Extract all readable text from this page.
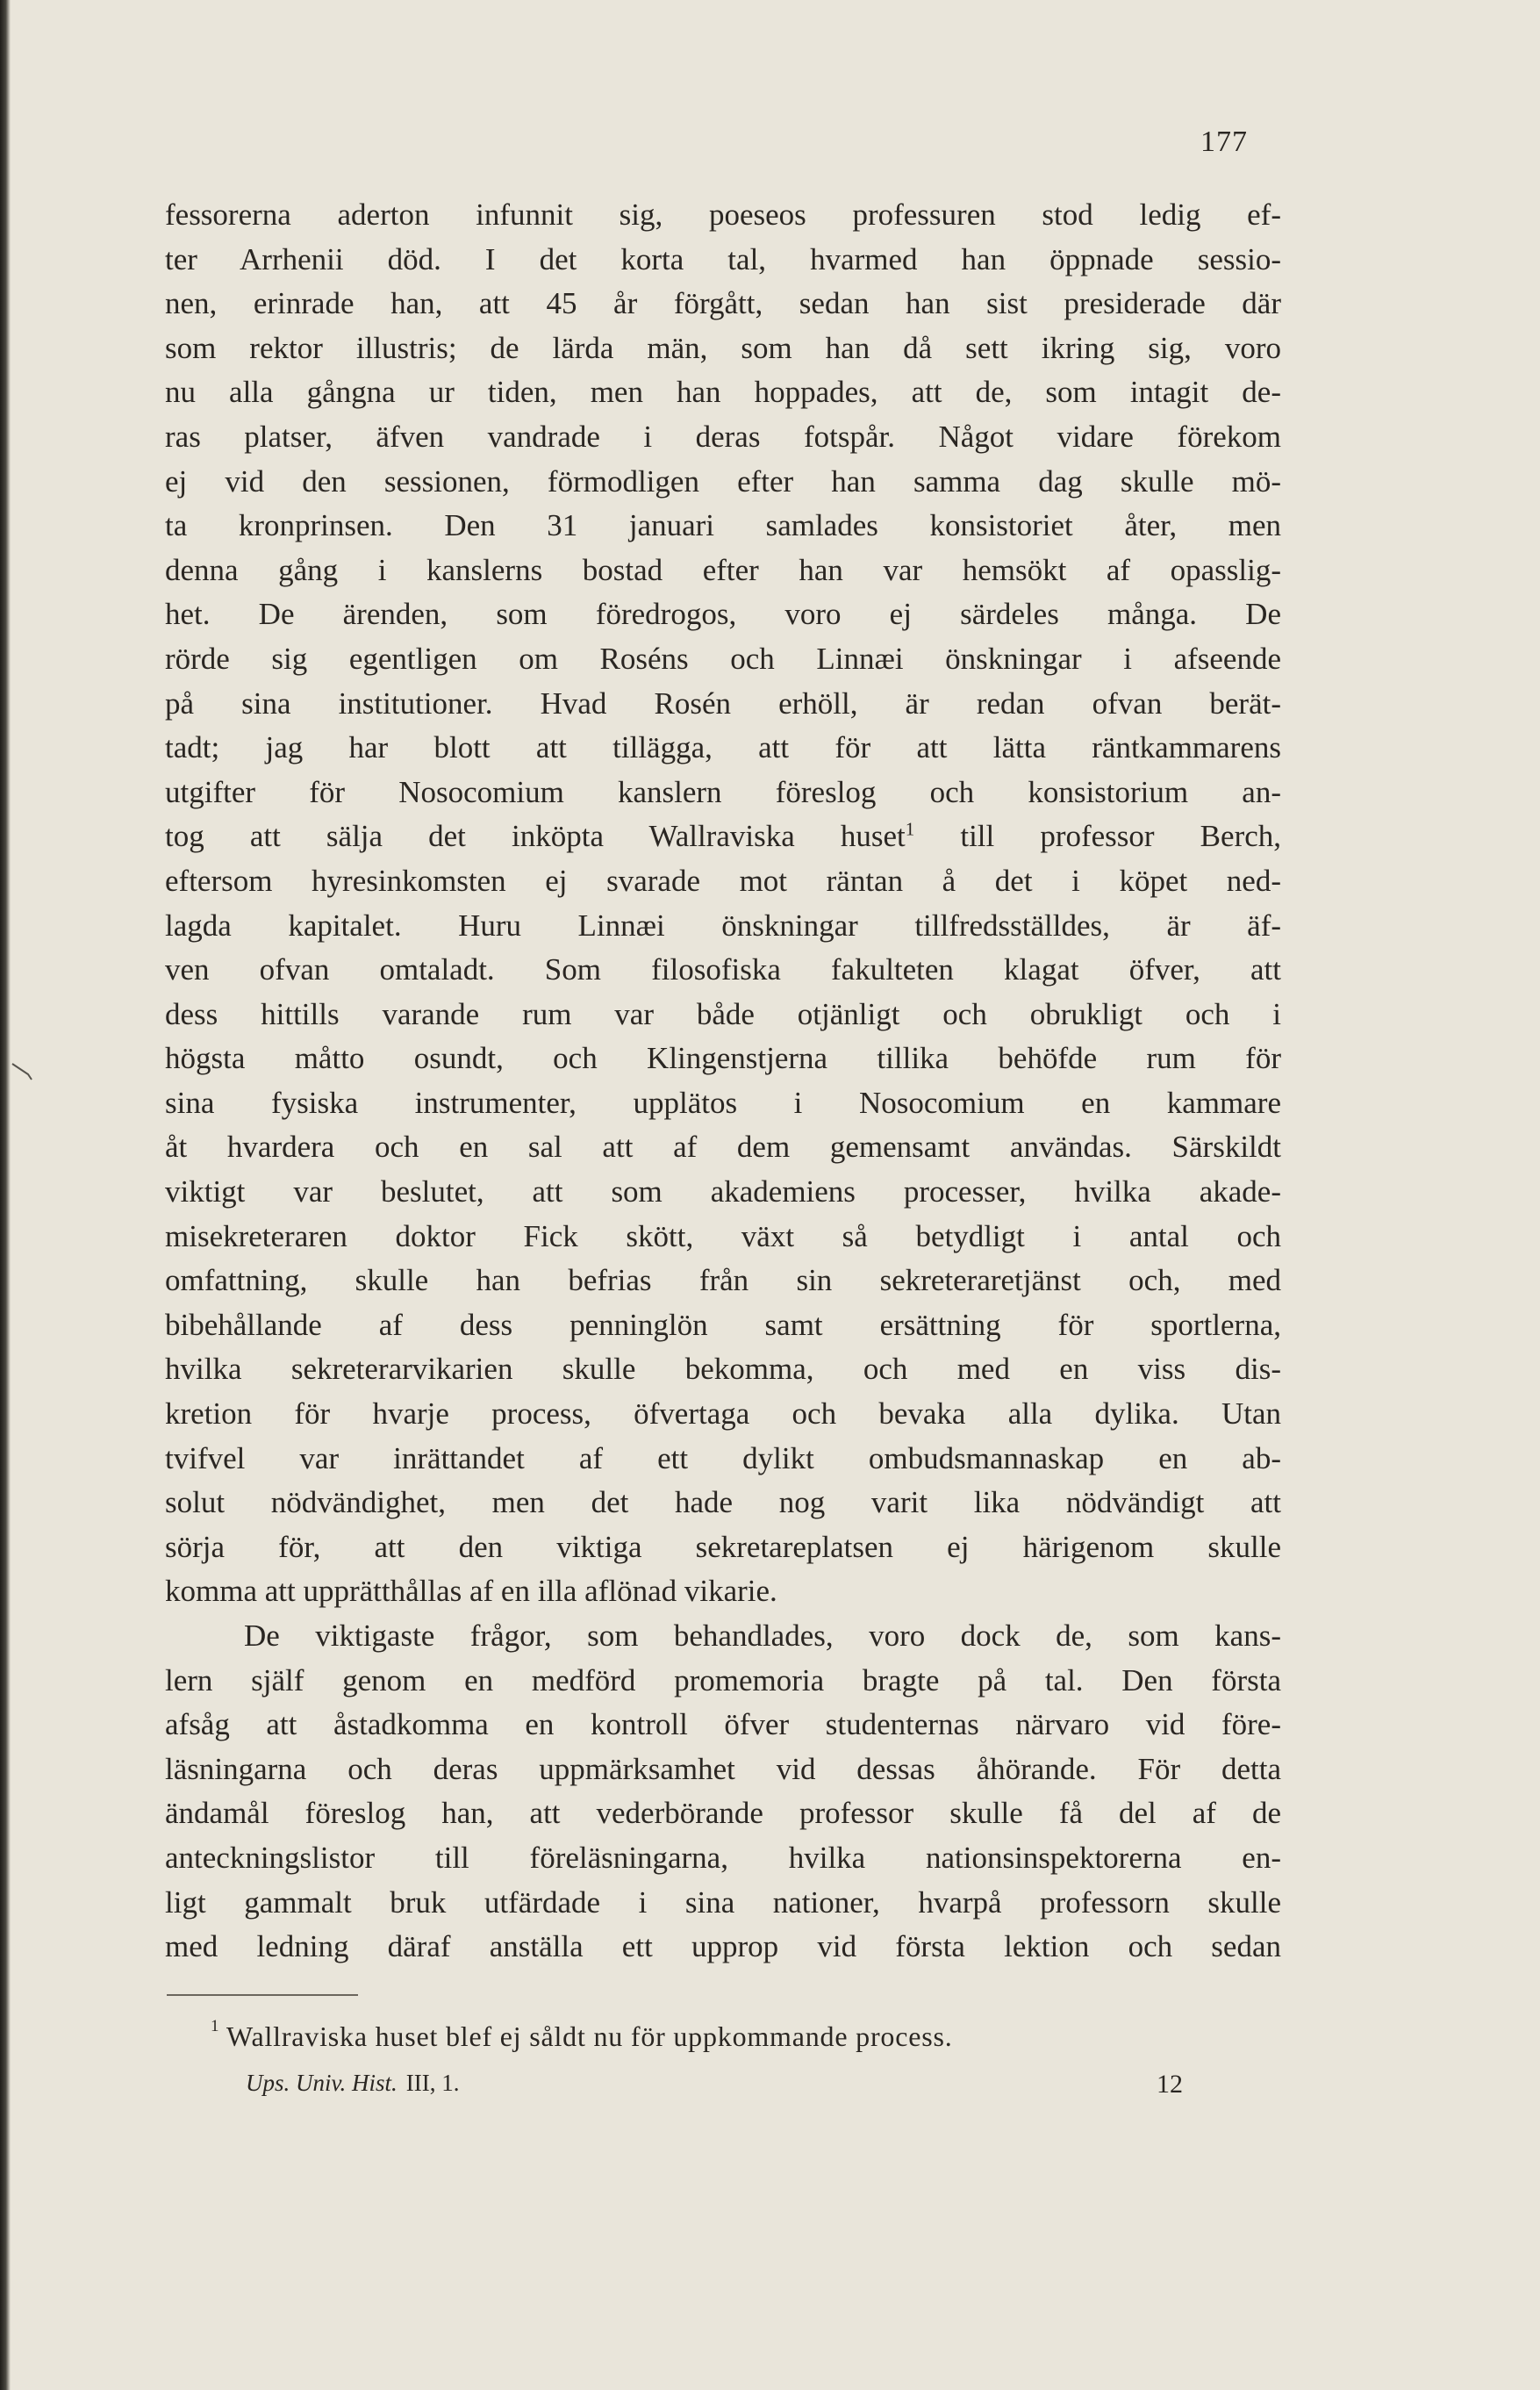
177
fessorerna aderton infunnit sig, poeseos professuren stod ledig ef-
ter Arrhenii död. I det korta tal, hvarmed han öppnade sessio-
nen, erinrade han, att 45 år förgått, sedan han sist presiderade där
som rektor illustris; de lärda män, som han då sett ikring sig, voro
nu alla gångna ur tiden, men han hoppades, att de, som intagit de-
ras platser, äfven vandrade i deras fotspår. Något vidare förekom
ej vid den sessionen, förmodligen efter han samma dag skulle mö-
ta kronprinsen. Den 31 januari samlades konsistoriet åter, men
denna gång i kanslerns bostad efter han var hemsökt af opasslig-
het. De ärenden, som föredrogos, voro ej särdeles många. De
rörde sig egentligen om Roséns och Linnæi önskningar i afseende
på sina institutioner. Hvad Rosén erhöll, är redan ofvan berät-
tadt; jag har blott att tillägga, att för att lätta räntkammarens
utgifter för Nosocomium kanslern föreslog och konsistorium an-
tog att sälja det inköpta Wallraviska huset$^1$ till professor Berch,
eftersom hyresinkomsten ej svarade mot räntan å det i köpet ned-
lagda kapitalet. Huru Linnæi önskningar tillfredsställdes, är äf-
ven ofvan omtaladt. Som filosofiska fakulteten klagat öfver, att
dess hittills varande rum var både otjänligt och obrukligt och i
högsta måtto osundt, och Klingenstjerna tillika behöfde rum för
sina fysiska instrumenter, upplätos i Nosocomium en kammare
åt hvardera och en sal att af dem gemensamt användas. Särskildt
viktigt var beslutet, att som akademiens processer, hvilka akade-
misekreteraren doktor Fick skött, växt så betydligt i antal och
omfattning, skulle han befrias från sin sekreteraretjänst och, med
bibehållande af dess penninglön samt ersättning för sportlerna,
hvilka sekreterarvikarien skulle bekomma, och med en viss dis-
kretion för hvarje process, öfvertaga och bevaka alla dylika. Utan
tvifvel var inrättandet af ett dylikt ombudsmannaskap en ab-
solut nödvändighet, men det hade nog varit lika nödvändigt att
sörja för, att den viktiga sekretareplatsen ej härigenom skulle
komma att upprätthållas af en illa aflönad vikarie.
De viktigaste frågor, som behandlades, voro dock de, som kans-
lern själf genom en medförd promemoria bragte på tal. Den första
afsåg att åstadkomma en kontroll öfver studenternas närvaro vid före-
läsningarna och deras uppmärksamhet vid dessas åhörande. För detta
ändamål föreslog han, att vederbörande professor skulle få del af de
anteckningslistor till föreläsningarna, hvilka nationsinspektorerna en-
ligt gammalt bruk utfärdade i sina nationer, hvarpå professorn skulle
med ledning däraf anställa ett upprop vid första lektion och sedan
1 Wallraviska huset blef ej såldt nu för uppkommande process.
Ups. Univ. Hist. III, 1.	12
